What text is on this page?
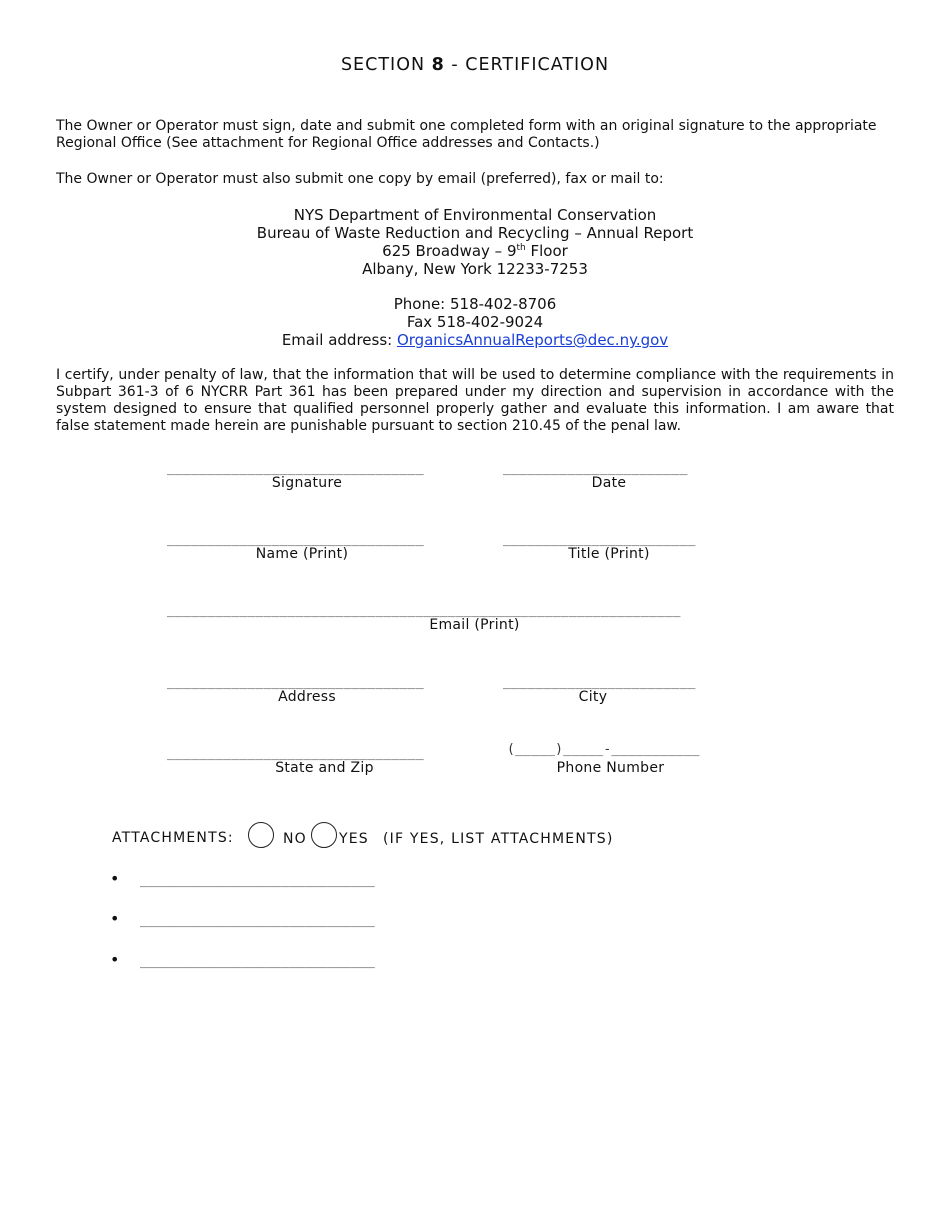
SECTION 8 - CERTIFICATION
The Owner or Operator must sign, date and submit one completed form with an original signature to the appropriate Regional Office (See attachment for Regional Office addresses and Contacts.)
The Owner or Operator must also submit one copy by email (preferred), fax or mail to:
NYS Department of Environmental Conservation
Bureau of Waste Reduction and Recycling – Annual Report
625 Broadway – 9th Floor
Albany, New York 12233-7253
Phone: 518-402-8706
Fax 518-402-9024
Email address: OrganicsAnnualReports@dec.ny.gov
I certify, under penalty of law, that the information that will be used to determine compliance with the requirements in Subpart 361-3 of 6 NYCRR Part 361 has been prepared under my direction and supervision in accordance with the system designed to ensure that qualified personnel properly gather and evaluate this information. I am aware that false statement made herein are punishable pursuant to section 210.45 of the penal law.
________________________________	_______________________
Signature	Date
________________________________	________________________
Name (Print)	Title (Print)
________________________________________________________________
Email (Print)
________________________________	________________________
Address	City
________________________________	(_____)_____-___________
State and Zip	Phone Number
ATTACHMENTS:	NO YES (IF YES, LIST ATTACHMENTS)
• ______________________________
• ______________________________
• ______________________________
